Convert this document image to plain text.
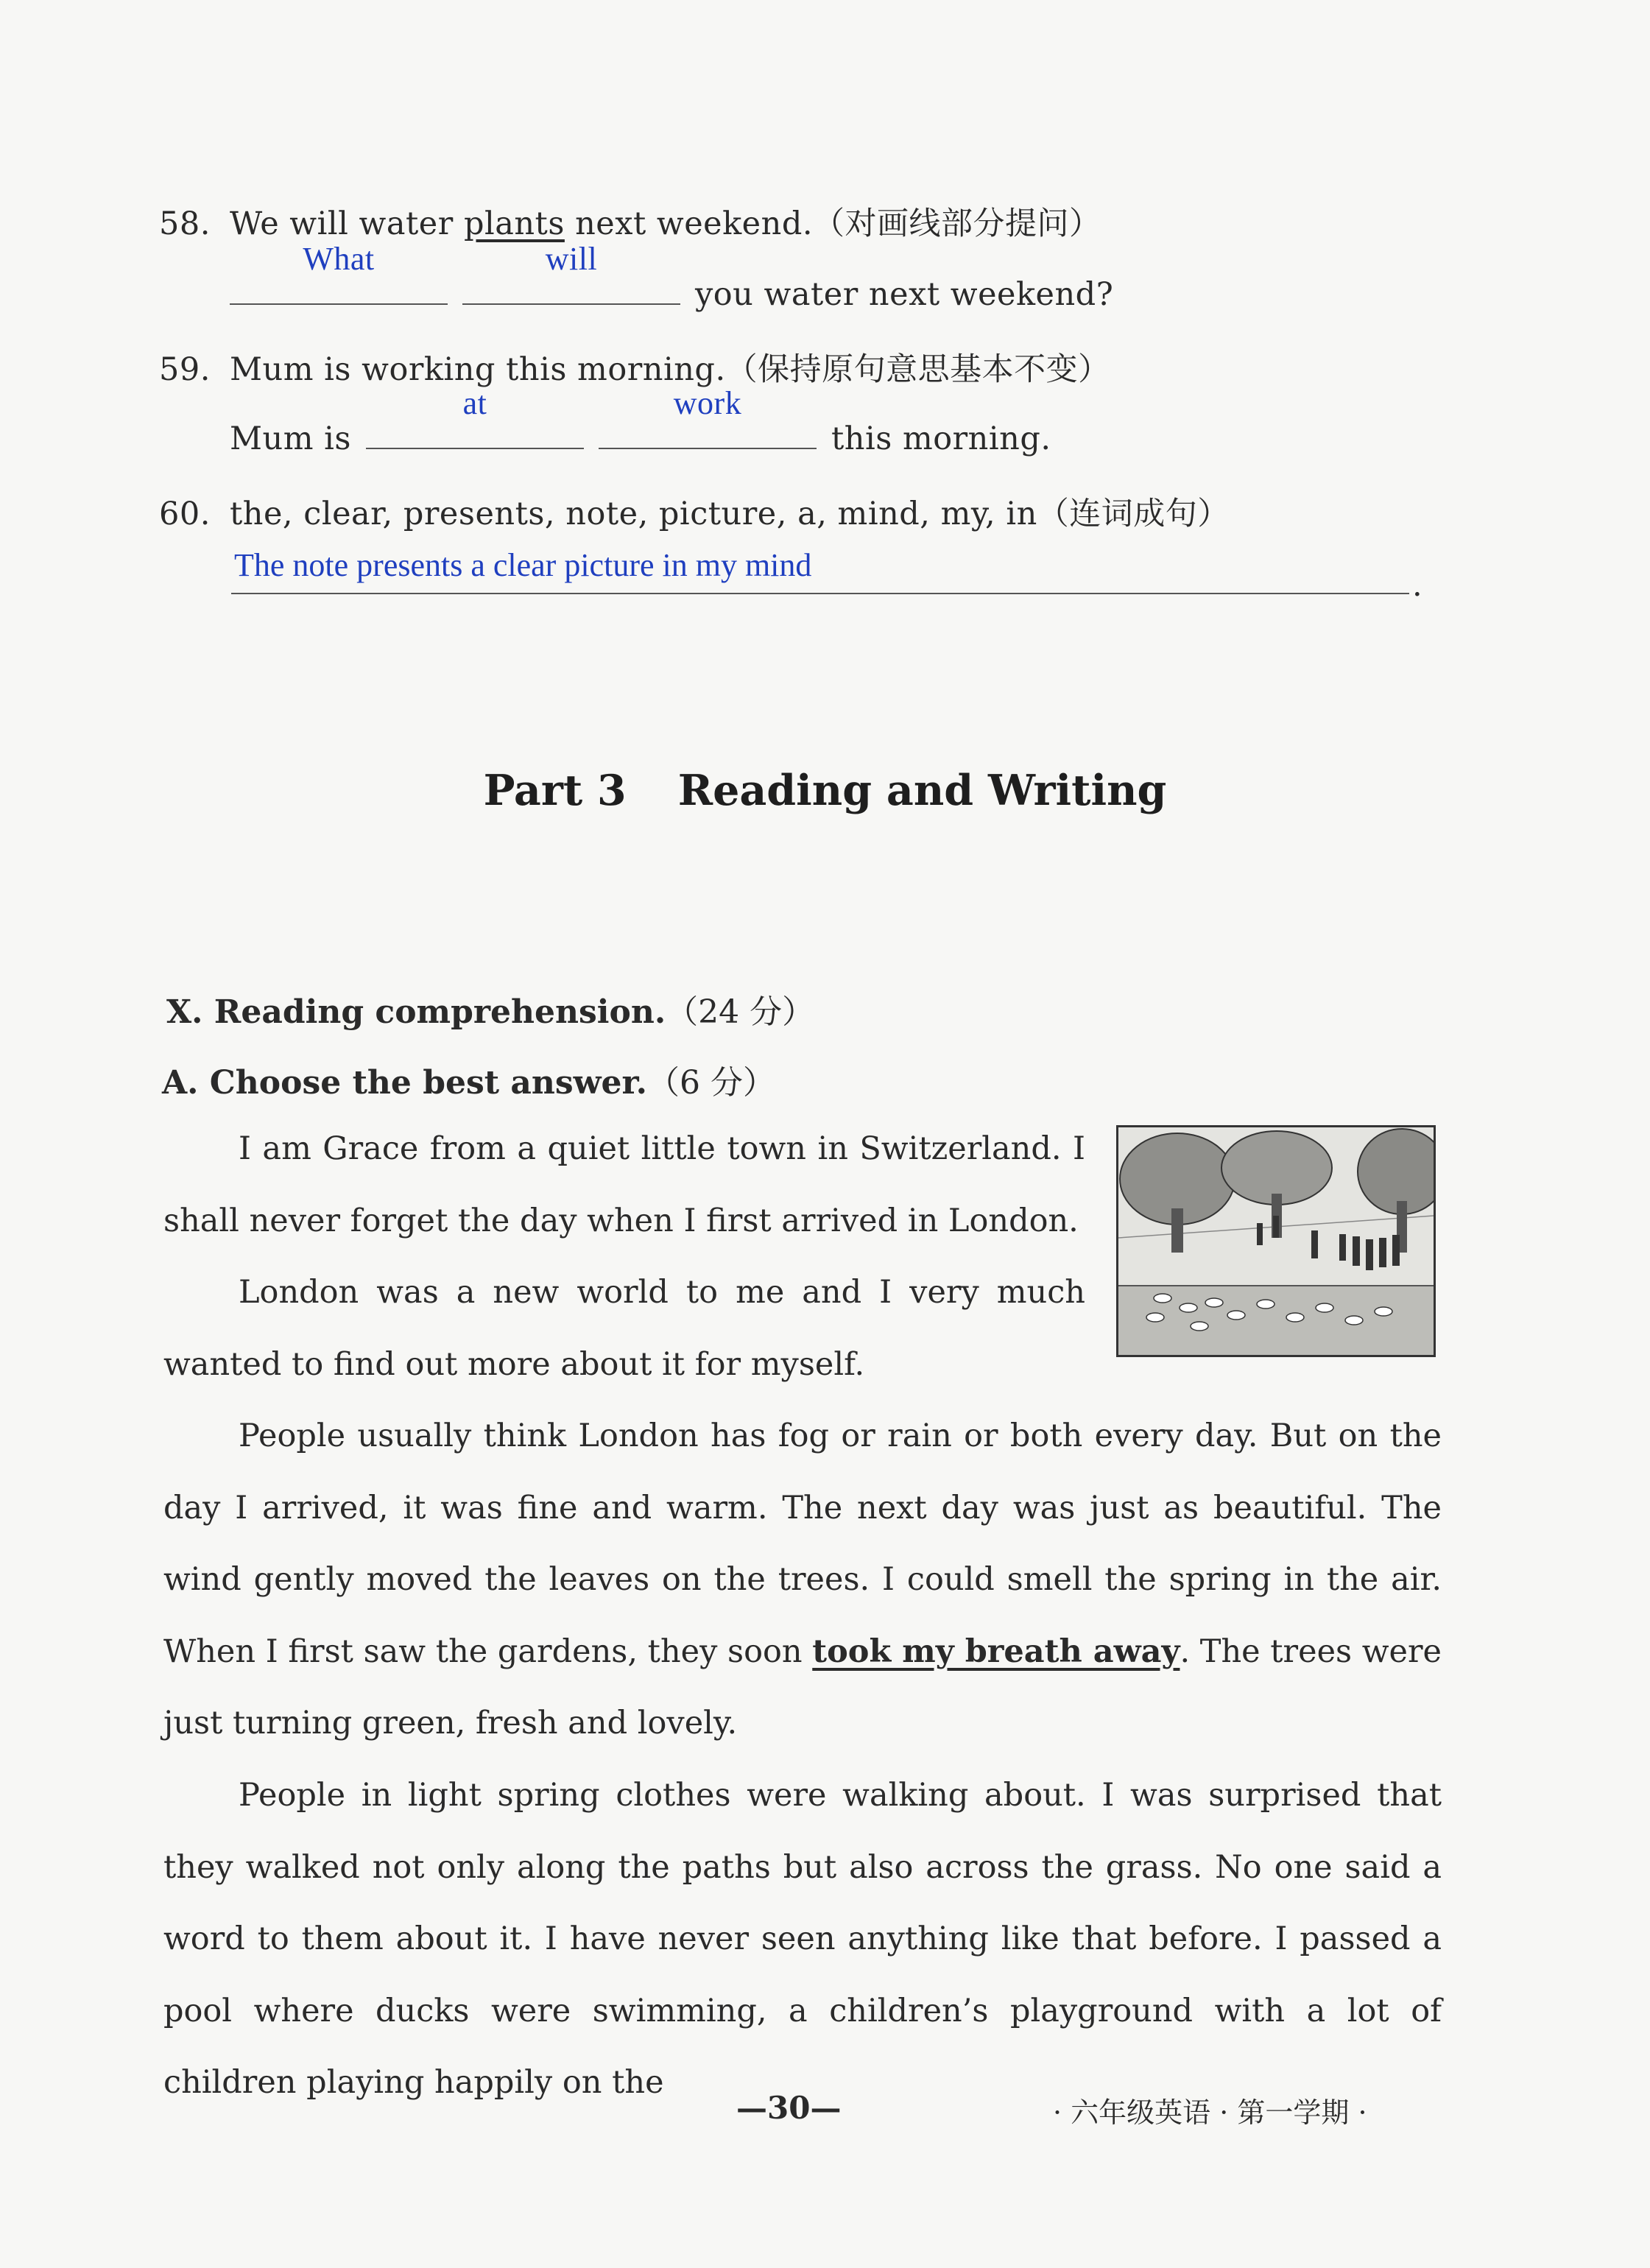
58. We will water plants next weekend.（对画线部分提问）
What	will
you water next weekend?
59. Mum is working this morning.（保持原句意思基本不变）
Mum is
at	work
this morning.
60. the, clear, presents, note, picture, a, mind, my, in（连词成句）
The note presents a clear picture in my mind
.
Part 3 Reading and Writing
X. Reading comprehension.（24 分）
A. Choose the best answer.（6 分）
I am Grace from a quiet little town in Switzerland. I shall never forget the day when I first arrived in London.
London was a new world to me and I very much wanted to find out more about it for myself.
People usually think London has fog or rain or both every day. But on the day I arrived, it was fine and warm. The next day was just as beautiful. The wind gently moved the leaves on the trees. I could smell the spring in the air. When I first saw the gardens, they soon took my breath away. The trees were just turning green, fresh and lovely.
People in light spring clothes were walking about. I was surprised that they walked not only along the paths but also across the grass. No one said a word to them about it. I have never seen anything like that before. I passed a pool where ducks were swimming, a children’s playground with a lot of children playing happily on the
—30—	· 六年级英语 · 第一学期 ·
